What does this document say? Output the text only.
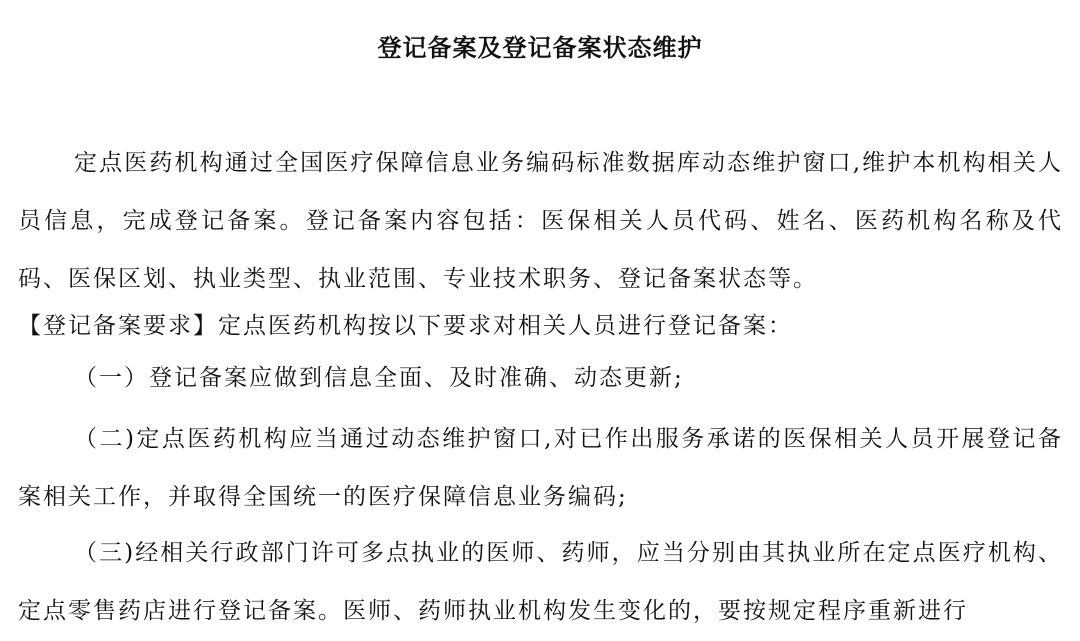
登记备案及登记备案状态维护

定点医药机构通过全国医疗保障信息业务编码标准数据库动态维护窗口,维护本机构相关人员信息，完成登记备案。登记备案内容包括：医保相关人员代码、姓名、医药机构名称及代码、医保区划、执业类型、执业范围、专业技术职务、登记备案状态等。

【登记备案要求】定点医药机构按以下要求对相关人员进行登记备案：

（一）登记备案应做到信息全面、及时准确、动态更新;

（二)定点医药机构应当通过动态维护窗口,对已作出服务承诺的医保相关人员开展登记备案相关工作，并取得全国统一的医疗保障信息业务编码;

（三)经相关行政部门许可多点执业的医师、药师，应当分别由其执业所在定点医疗机构、定点零售药店进行登记备案。医师、药师执业机构发生变化的，要按规定程序重新进行
